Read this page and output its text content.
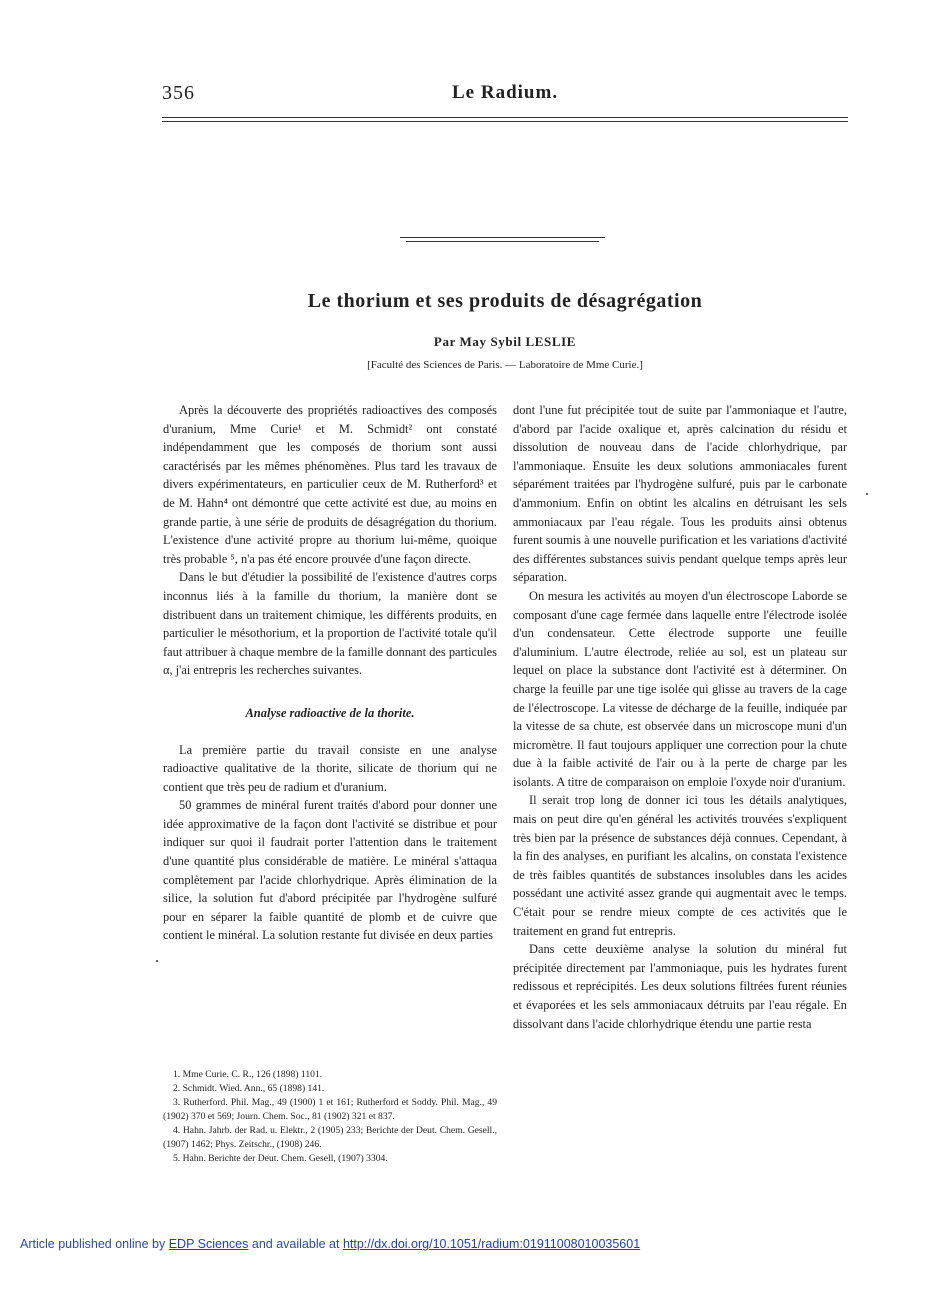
356	Le Radium.
Le thorium et ses produits de désagrégation
Par May Sybil LESLIE
[Faculté des Sciences de Paris. — Laboratoire de Mme Curie.]

Après la découverte des propriétés radioactives des composés d'uranium, Mme Curie¹ et M. Schmidt² ont constaté indépendamment que les composés de thorium sont aussi caractérisés par les mêmes phénomènes. Plus tard les travaux de divers expérimentateurs, en particulier ceux de M. Rutherford³ et de M. Hahn⁴ ont démontré que cette activité est due, au moins en grande partie, à une série de produits de désagrégation du thorium. L'existence d'une activité propre au thorium lui-même, quoique très probable ⁵, n'a pas été encore prouvée d'une façon directe.

Dans le but d'étudier la possibilité de l'existence d'autres corps inconnus liés à la famille du thorium, la manière dont se distribuent dans un traitement chimique, les différents produits, en particulier le mésothorium, et la proportion de l'activité totale qu'il faut attribuer à chaque membre de la famille donnant des particules α, j'ai entrepris les recherches suivantes.

Analyse radioactive de la thorite.

La première partie du travail consiste en une analyse radioactive qualitative de la thorite, silicate de thorium qui ne contient que très peu de radium et d'uranium.

50 grammes de minéral furent traités d'abord pour donner une idée approximative de la façon dont l'activité se distribue et pour indiquer sur quoi il faudrait porter l'attention dans le traitement d'une quantité plus considérable de matière. Le minéral s'attaqua complètement par l'acide chlorhydrique. Après élimination de la silice, la solution fut d'abord précipitée par l'hydrogène sulfuré pour en séparer la faible quantité de plomb et de cuivre que contient le minéral. La solution restante fut divisée en deux parties

1. Mme Curie. C. R., 126 (1898) 1101.
2. Schmidt. Wied. Ann., 65 (1898) 141.
3. Rutherford. Phil. Mag., 49 (1900) 1 et 161; Rutherford et Soddy. Phil. Mag., 49 (1902) 370 et 569; Journ. Chem. Soc., 81 (1902) 321 et 837.
4. Hahn. Jahrb. der Rad. u. Elektr., 2 (1905) 233; Berichte der Deut. Chem. Gesell., (1907) 1462; Phys. Zeitschr., (1908) 246.
5. Hahn. Berichte der Deut. Chem. Gesell, (1907) 3304.

dont l'une fut précipitée tout de suite par l'ammoniaque et l'autre, d'abord par l'acide oxalique et, après calcination du résidu et dissolution de nouveau dans de l'acide chlorhydrique, par l'ammoniaque. Ensuite les deux solutions ammoniacales furent séparément traitées par l'hydrogène sulfuré, puis par le carbonate d'ammonium. Enfin on obtint les alcalins en détruisant les sels ammoniacaux par l'eau régale. Tous les produits ainsi obtenus furent soumis à une nouvelle purification et les variations d'activité des différentes substances suivis pendant quelque temps après leur séparation.

On mesura les activités au moyen d'un électroscope Laborde se composant d'une cage fermée dans laquelle entre l'électrode isolée d'un condensateur. Cette électrode supporte une feuille d'aluminium. L'autre électrode, reliée au sol, est un plateau sur lequel on place la substance dont l'activité est à déterminer. On charge la feuille par une tige isolée qui glisse au travers de la cage de l'électroscope. La vitesse de décharge de la feuille, indiquée par la vitesse de sa chute, est observée dans un microscope muni d'un micromètre. Il faut toujours appliquer une correction pour la chute due à la faible activité de l'air ou à la perte de charge par les isolants. A titre de comparaison on emploie l'oxyde noir d'uranium.

Il serait trop long de donner ici tous les détails analytiques, mais on peut dire qu'en général les activités trouvées s'expliquent très bien par la présence de substances déjà connues. Cependant, à la fin des analyses, en purifiant les alcalins, on constata l'existence de très faibles quantités de substances insolubles dans les acides possédant une activité assez grande qui augmentait avec le temps. C'était pour se rendre mieux compte de ces activités que le traitement en grand fut entrepris.

Dans cette deuxième analyse la solution du minéral fut précipitée directement par l'ammoniaque, puis les hydrates furent redissous et reprécipités. Les deux solutions filtrées furent réunies et évaporées et les sels ammoniacaux détruits par l'eau régale. En dissolvant dans l'acide chlorhydrique étendu une partie resta

Article published online by EDP Sciences and available at http://dx.doi.org/10.1051/radium:01911008010035601
